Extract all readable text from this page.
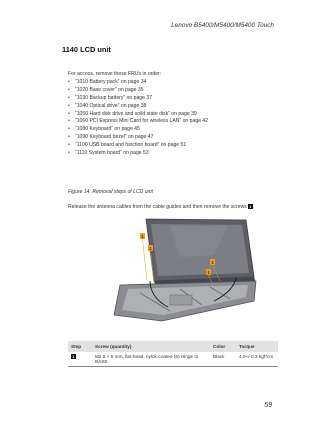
Lenovo B5400/M5400/M5400 Touch
1140 LCD unit
For access, remove these FRUs in order:
• “1010 Battery pack” on page 34
• “1020 Base cover” on page 35
• “1030 Backup battery” on page 37
• “1040 Optical drive” on page 38
• “1050 Hard disk drive and solid state disk” on page 39
• “1060 PCI Express Mini Card for wireless LAN” on page 42
• “1080 Keyboard” on page 45
• “1090 Keyboard bezel” on page 47
• “1100 USB board and function board” on page 51
• “1110 System board” on page 53
Figure 14. Removal steps of LCD unit
Release the antenna cables from the cable guides and then remove the screws 1.
1
1
1
1
Step	Screw (quantity)	Color	Torque
1	M2.5 × 5 mm, flat-head, nylok-coated (6) Hinge to BASE	Black	4.0+/-0.3 kgf*cm
59
